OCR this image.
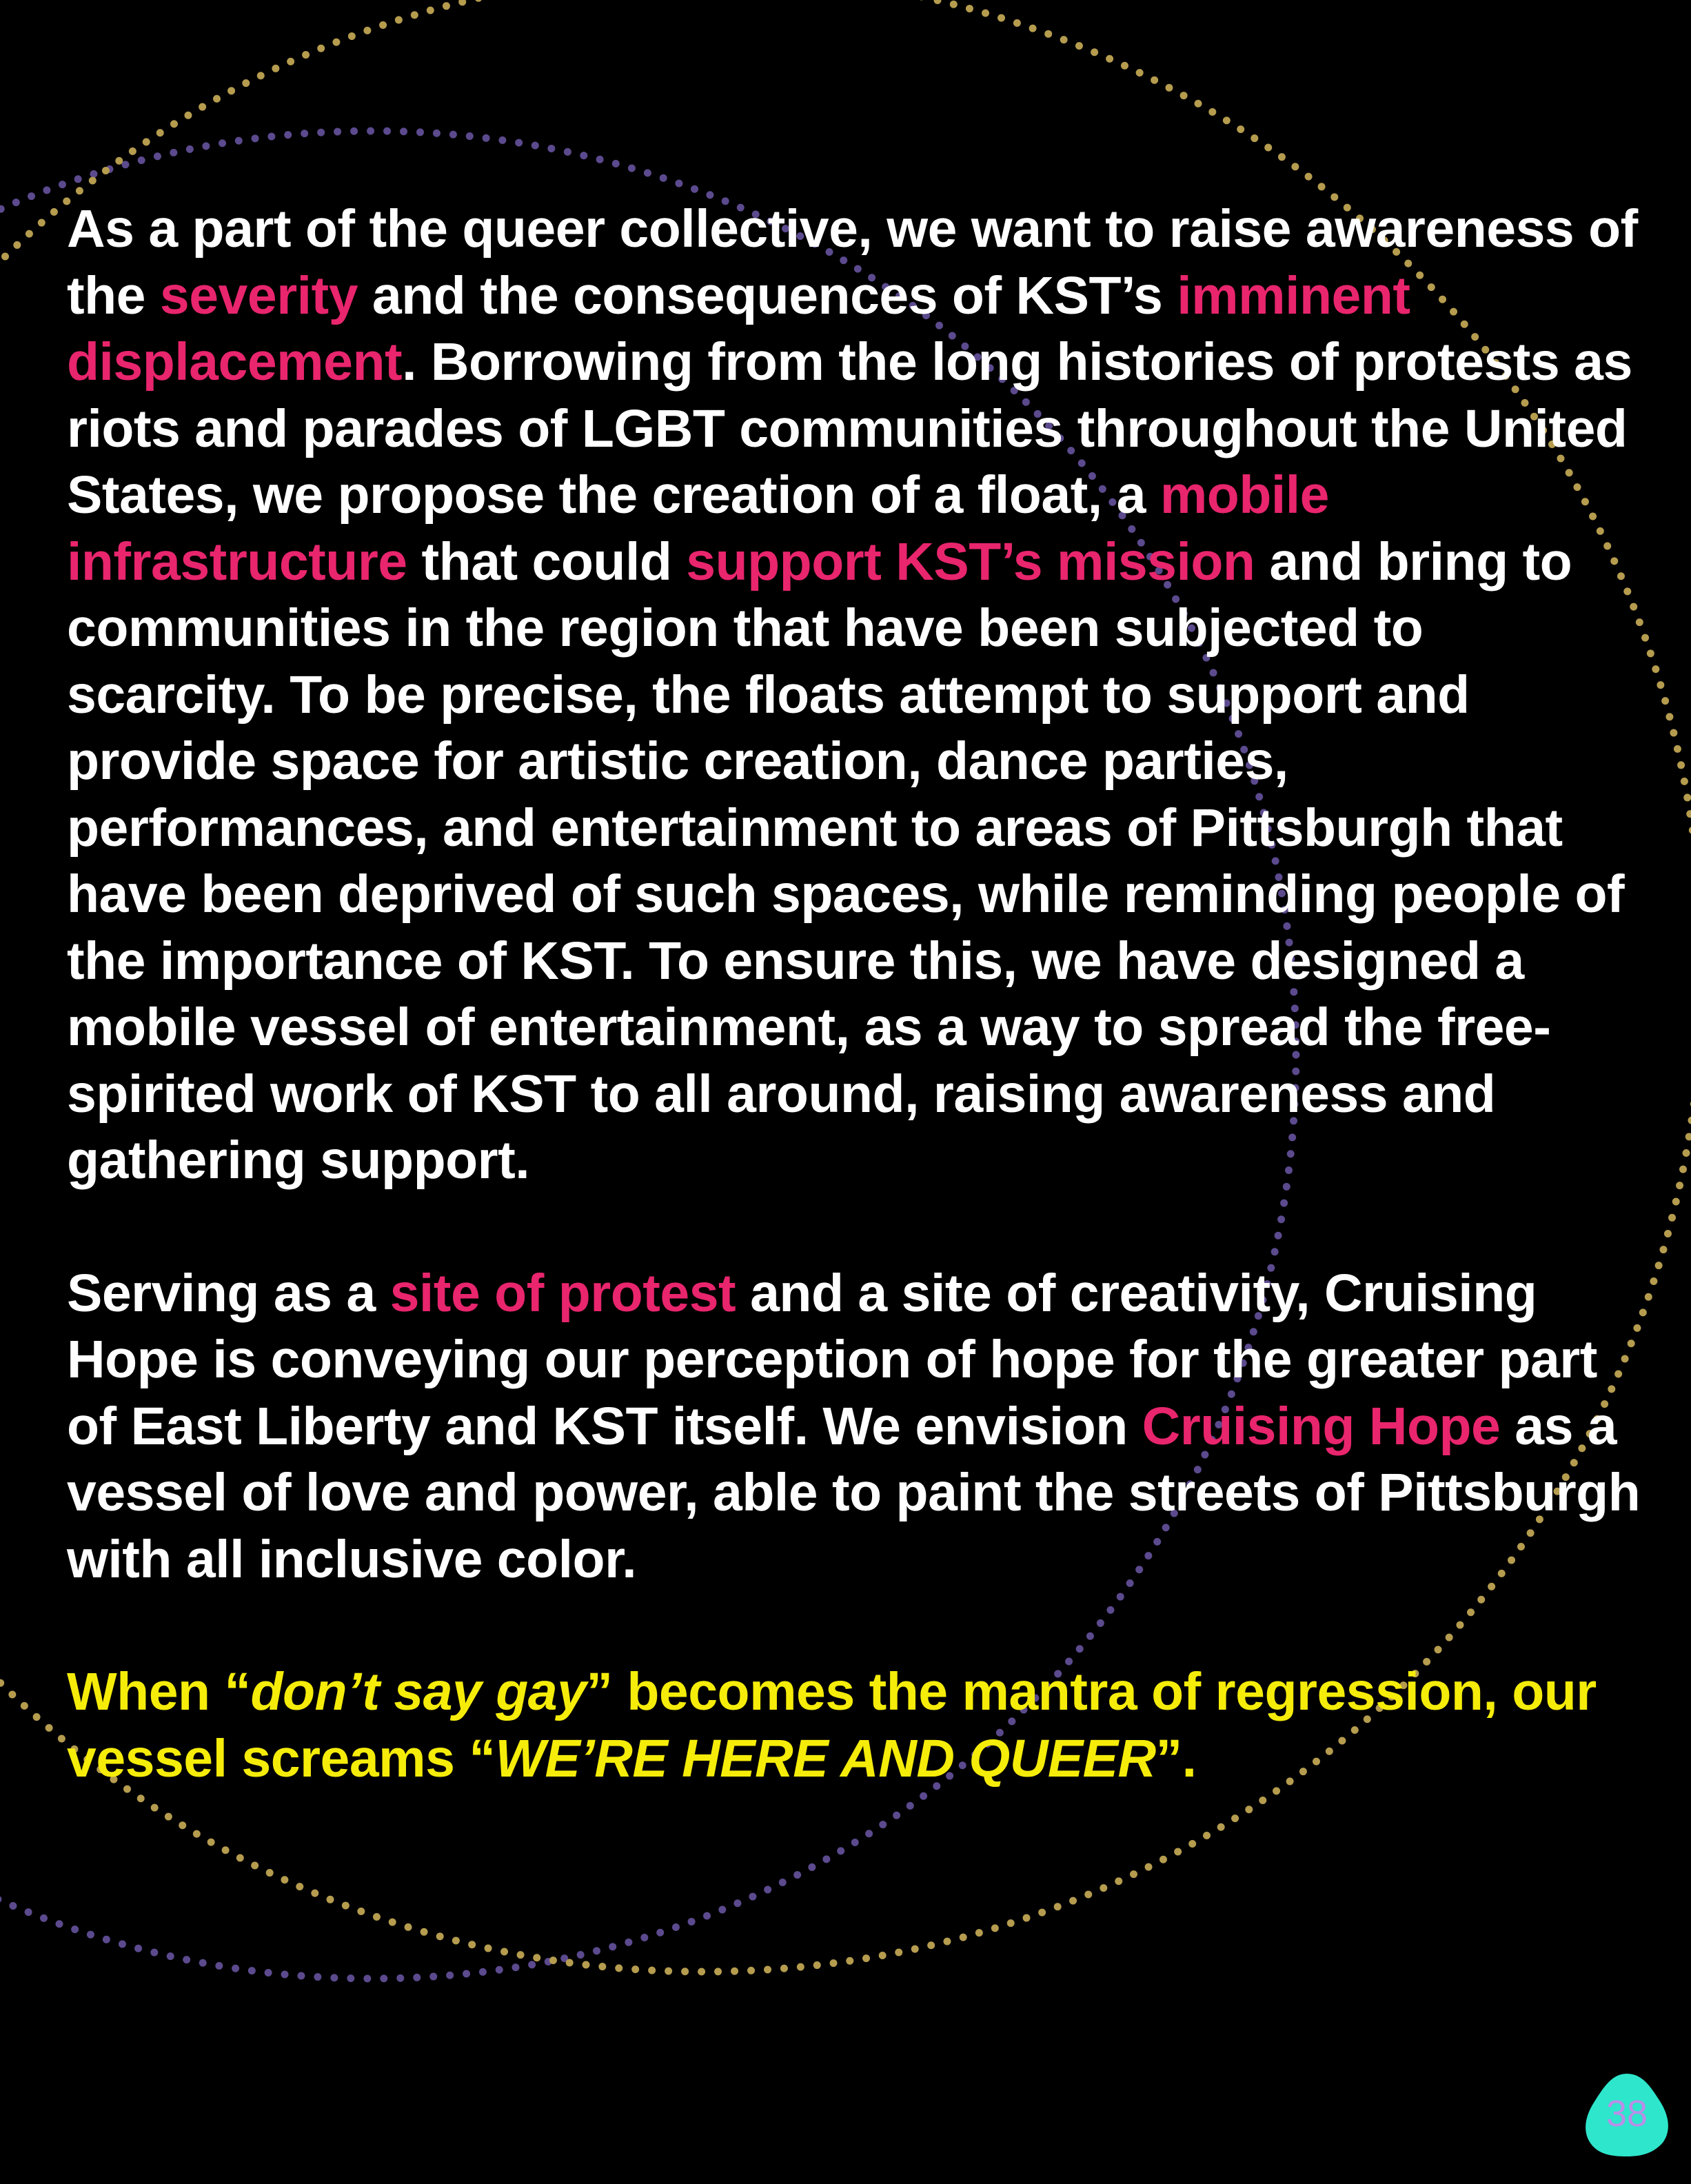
As a part of the queer collective, we want to raise awareness of the severity and the consequences of KST’s imminent displacement. Borrowing from the long histories of protests as riots and parades of LGBT communities throughout the United States, we propose the creation of a float, a mobile infrastructure that could support KST’s mission and bring to communities in the region that have been subjected to scarcity. To be precise, the floats attempt to support and provide space for artistic creation, dance parties, performances, and entertainment to areas of Pittsburgh that have been deprived of such spaces, while reminding people of the importance of KST. To ensure this, we have designed a mobile vessel of entertainment, as a way to spread the free-spirited work of KST to all around, raising awareness and gathering support.

Serving as a site of protest and a site of creativity, Cruising Hope is conveying our perception of hope for the greater part of East Liberty and KST itself. We envision Cruising Hope as a vessel of love and power, able to paint the streets of Pittsburgh with all inclusive color.

When “don’t say gay” becomes the mantra of regression, our vessel screams “WE’RE HERE AND QUEER”.

38
